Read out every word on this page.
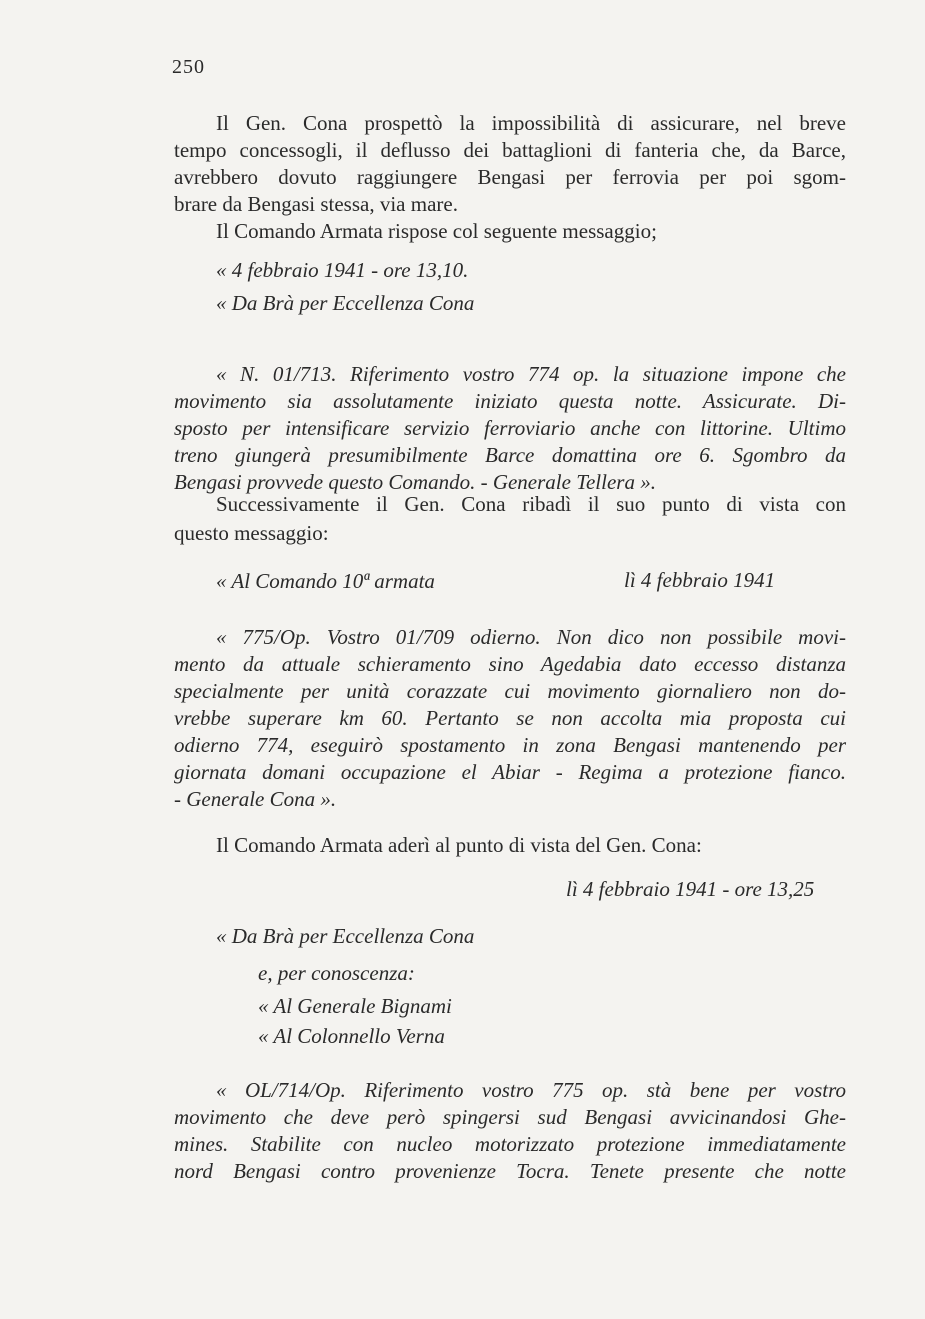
250

Il Gen. Cona prospettò la impossibilità di assicurare, nel breve

tempo concessogli, il deflusso dei battaglioni di fanteria che, da Barce,

avrebbero dovuto raggiungere Bengasi per ferrovia per poi sgom-

brare da Bengasi stessa, via mare.

Il Comando Armata rispose col seguente messaggio;

« 4 febbraio 1941 - ore 13,10.

« Da Brà per Eccellenza Cona

« N. 01/713. Riferimento vostro 774 op. la situazione impone che

movimento sia assolutamente iniziato questa notte. Assicurate. Di-

sposto per intensificare servizio ferroviario anche con littorine. Ultimo

treno giungerà presumibilmente Barce domattina ore 6. Sgombro da

Bengasi provvede questo Comando. - Generale Tellera ».

Successivamente il Gen. Cona ribadì il suo punto di vista con

questo messaggio:

« Al Comando 10ª armata	lì 4 febbraio 1941

« 775/Op. Vostro 01/709 odierno. Non dico non possibile movi-

mento da attuale schieramento sino Agedabia dato eccesso distanza

specialmente per unità corazzate cui movimento giornaliero non do-

vrebbe superare km 60. Pertanto se non accolta mia proposta cui

odierno 774, eseguirò spostamento in zona Bengasi mantenendo per

giornata domani occupazione el Abiar - Regima a protezione fianco.

- Generale Cona ».

Il Comando Armata aderì al punto di vista del Gen. Cona:

lì 4 febbraio 1941 - ore 13,25

« Da Brà per Eccellenza Cona

e, per conoscenza:

« Al Generale Bignami

« Al Colonnello Verna

« OL/714/Op. Riferimento vostro 775 op. stà bene per vostro

movimento che deve però spingersi sud Bengasi avvicinandosi Ghe-

mines. Stabilite con nucleo motorizzato protezione immediatamente

nord Bengasi contro provenienze Tocra. Tenete presente che notte
